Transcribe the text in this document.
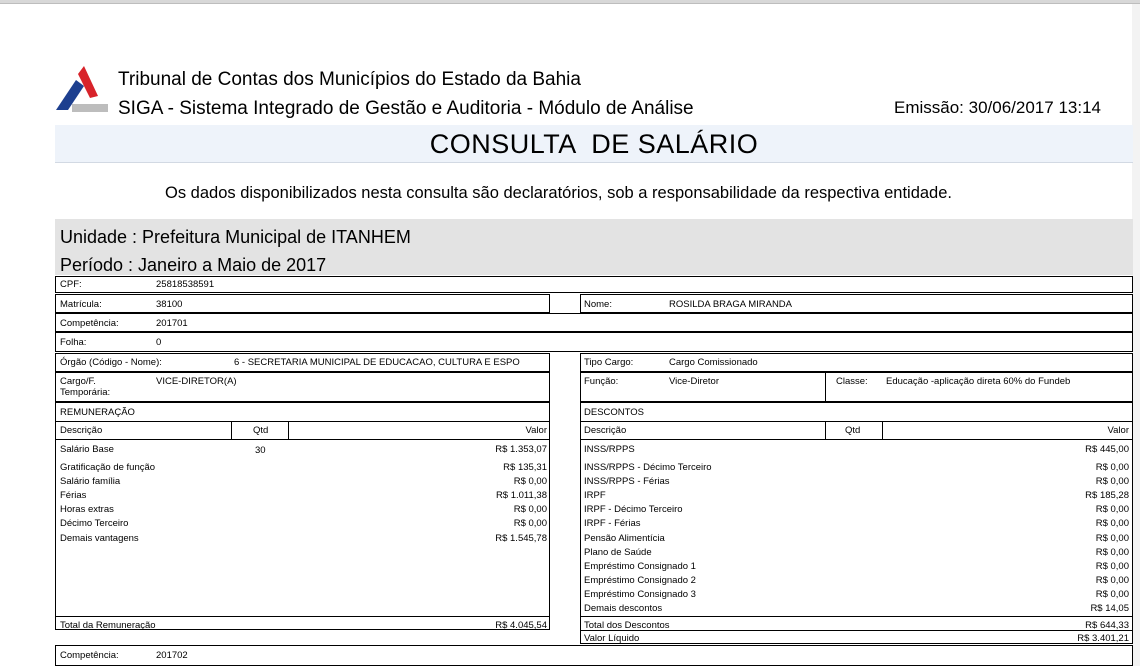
Tribunal de Contas dos Municípios do Estado da Bahia
SIGA - Sistema Integrado de Gestão e Auditoria - Módulo de Análise	Emissão: 30/06/2017 13:14
CONSULTA  DE SALÁRIO
Os dados disponibilizados nesta consulta são declaratórios, sob a responsabilidade da respectiva entidade.
Unidade : Prefeitura Municipal de ITANHEM
Período : Janeiro a Maio de 2017
CPF:	25818538591
Matrícula:	38100	Nome:	ROSILDA BRAGA MIRANDA
Competência:	201701
Folha:	0
Órgão (Código - Nome):	6 - SECRETARIA MUNICIPAL DE EDUCACAO, CULTURA E ESPO	Tipo Cargo:	Cargo Comissionado
Cargo/F.
Temporária:
VICE-DIRETOR(A)	Função:	Vice-Diretor	Classe: Educação -aplicação direta 60% do Fundeb
REMUNERAÇÃO
Descrição	Qtd	Valor
Salário Base	30	R$ 1.353,07
Gratificação de função	R$ 135,31
Salário família	R$ 0,00
Férias	R$ 1.011,38
Horas extras	R$ 0,00
Décimo Terceiro	R$ 0,00
Demais vantagens	R$ 1.545,78
Total da Remuneração	R$ 4.045,54
DESCONTOS
Descrição	Qtd	Valor
INSS/RPPS	R$ 445,00
INSS/RPPS - Décimo Terceiro	R$ 0,00
INSS/RPPS - Férias	R$ 0,00
IRPF	R$ 185,28
IRPF - Décimo Terceiro	R$ 0,00
IRPF - Férias	R$ 0,00
Pensão Alimentícia	R$ 0,00
Plano de Saúde	R$ 0,00
Empréstimo Consignado 1	R$ 0,00
Empréstimo Consignado 2	R$ 0,00
Empréstimo Consignado 3	R$ 0,00
Demais descontos	R$ 14,05
Total dos Descontos	R$ 644,33
Valor Líquido	R$ 3.401,21
Competência:	201702
